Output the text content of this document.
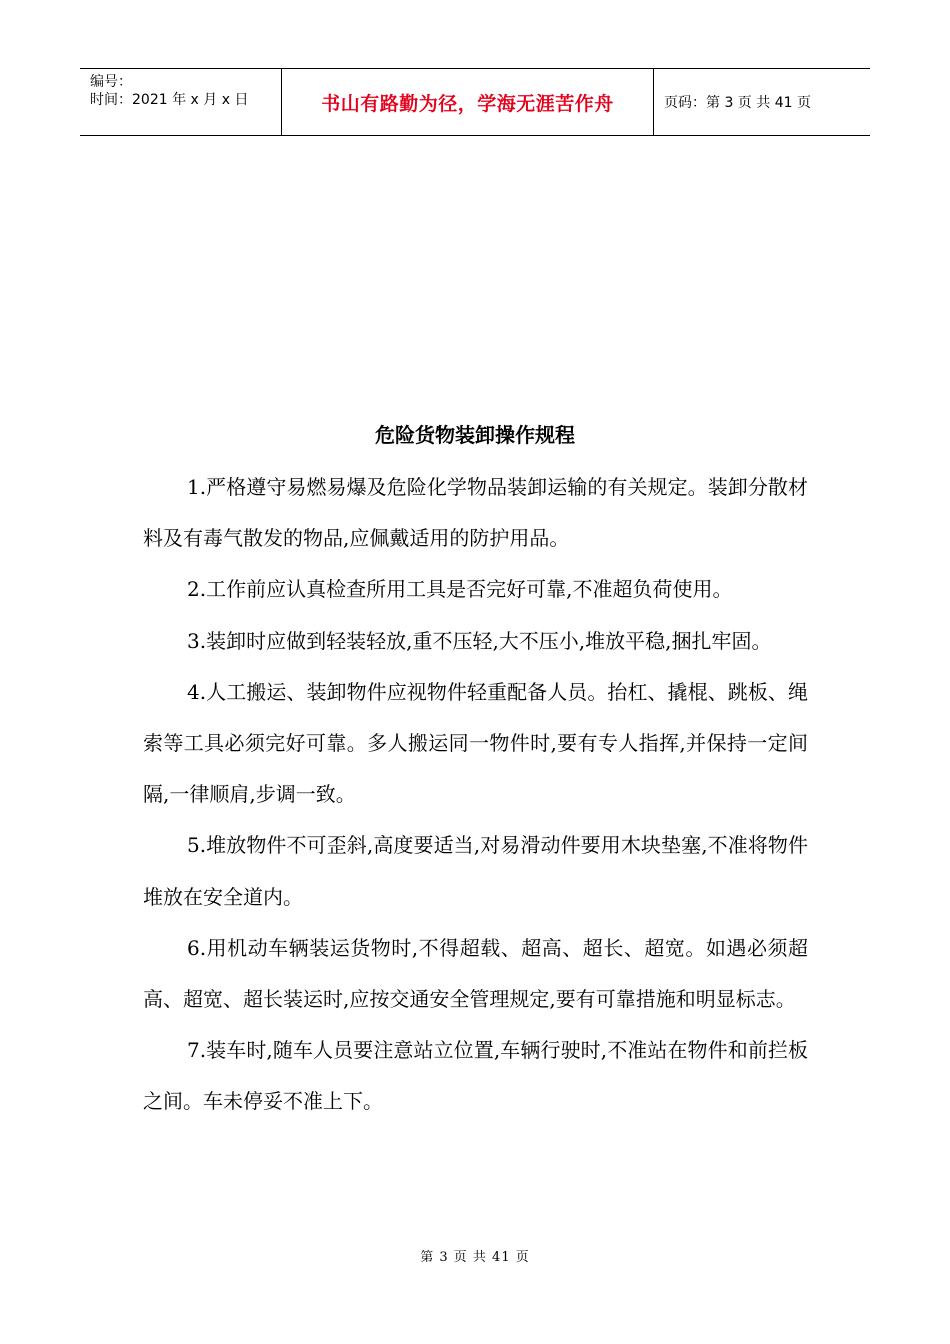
编号：
时间：2021 年 x 月 x 日	书山有路勤为径，学海无涯苦作舟	页码：第 3 页 共 41 页
危险货物装卸操作规程

1.严格遵守易燃易爆及危险化学物品装卸运输的有关规定。装卸分散材料及有毒气散发的物品,应佩戴适用的防护用品。

2.工作前应认真检查所用工具是否完好可靠,不准超负荷使用。

3.装卸时应做到轻装轻放,重不压轻,大不压小,堆放平稳,捆扎牢固。

4.人工搬运、装卸物件应视物件轻重配备人员。抬杠、撬棍、跳板、绳索等工具必须完好可靠。多人搬运同一物件时,要有专人指挥,并保持一定间隔,一律顺肩,步调一致。

5.堆放物件不可歪斜,高度要适当,对易滑动件要用木块垫塞,不准将物件堆放在安全道内。

6.用机动车辆装运货物时,不得超载、超高、超长、超宽。如遇必须超高、超宽、超长装运时,应按交通安全管理规定,要有可靠措施和明显标志。

7.装车时,随车人员要注意站立位置,车辆行驶时,不准站在物件和前拦板之间。车未停妥不准上下。

第 3 页 共 41 页
